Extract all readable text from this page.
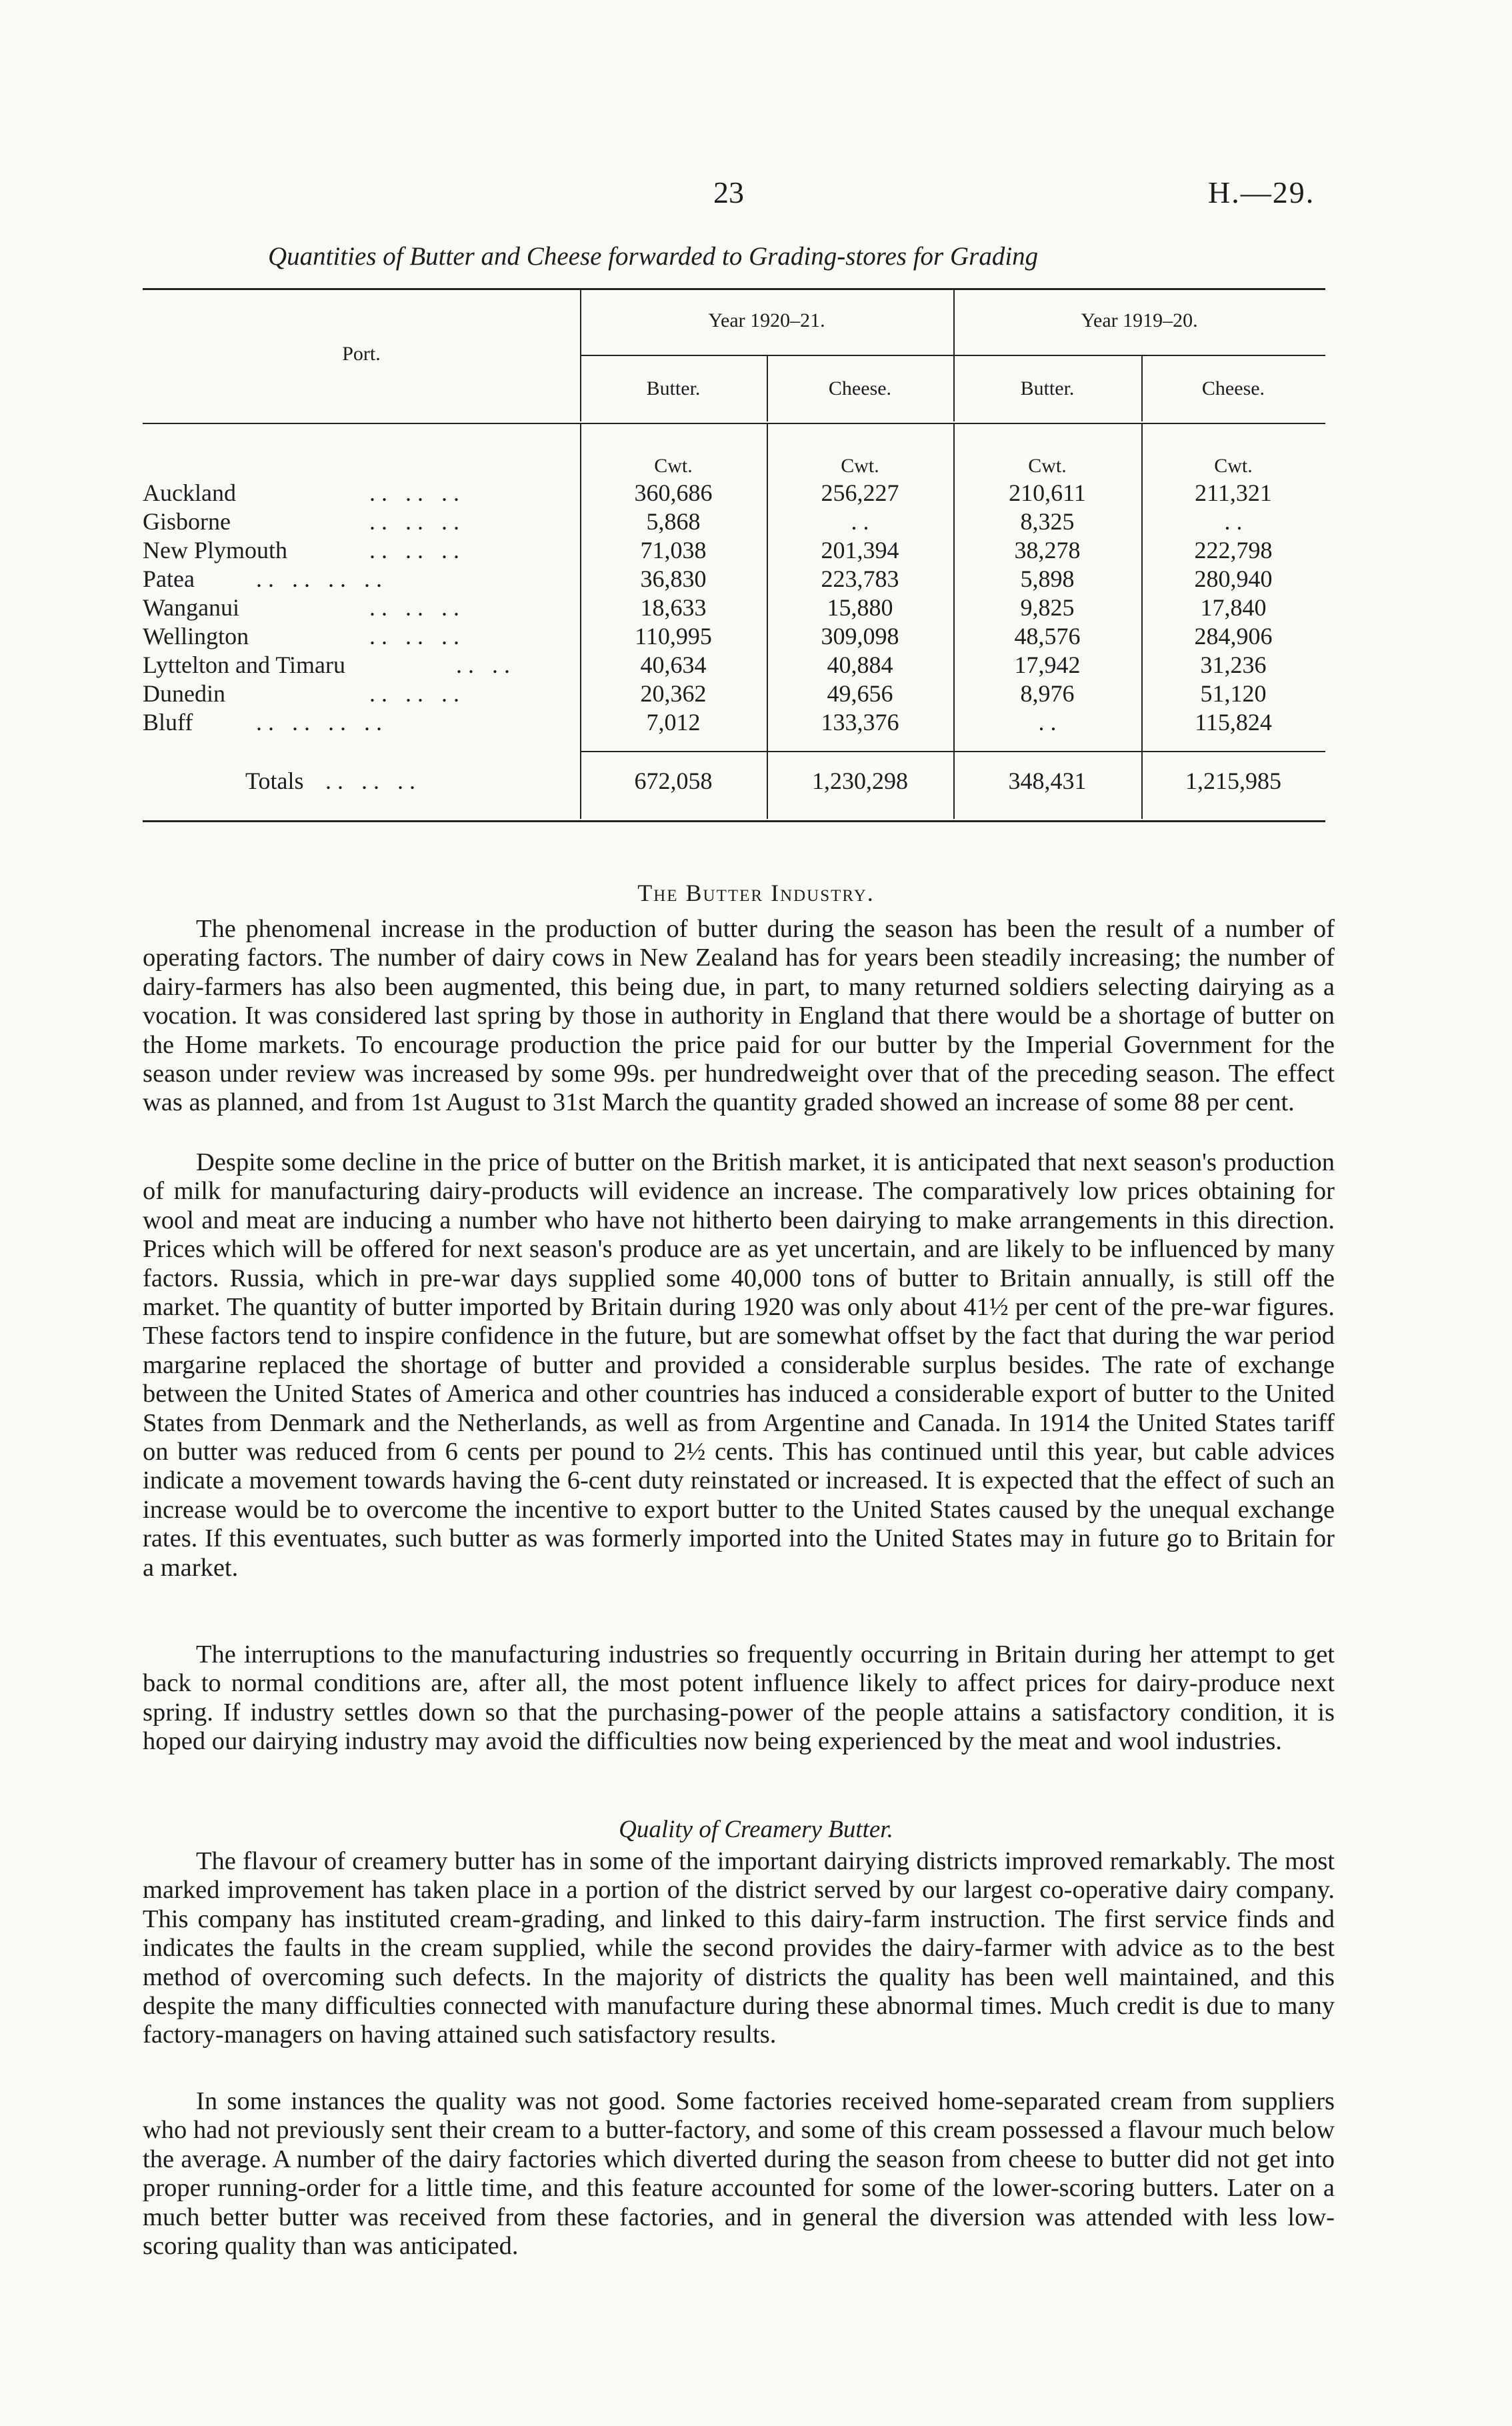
23	H.—29.
Quantities of Butter and Cheese forwarded to Grading-stores for Grading
Port.
Year 1920–21.	Year 1919–20.
Butter.	Cheese.	Butter.	Cheese.
Cwt.	Cwt.	Cwt.	Cwt.
Auckland	. .   . .   . .	360,686	256,227	210,611	211,321
Gisborne	. .   . .   . .	5,868	. .	8,325	. .
New Plymouth	. .   . .   . .	71,038	201,394	38,278	222,798
Patea	. .   . .   . .   . .	36,830	223,783	5,898	280,940
Wanganui	. .   . .   . .	18,633	15,880	9,825	17,840
Wellington	. .   . .   . .	110,995	309,098	48,576	284,906
Lyttelton and Timaru	. .   . .	40,634	40,884	17,942	31,236
Dunedin	. .   . .   . .	20,362	49,656	8,976	51,120
Bluff	. .   . .   . .   . .	7,012	133,376	. .	115,824
Totals . .   . .   . .	672,058	1,230,298	348,431	1,215,985
The Butter Industry.

The phenomenal increase in the production of butter during the season has been the result of a number of operating factors. The number of dairy cows in New Zealand has for years been steadily increasing; the number of dairy-farmers has also been augmented, this being due, in part, to many returned soldiers selecting dairying as a vocation. It was considered last spring by those in authority in England that there would be a shortage of butter on the Home markets. To encourage production the price paid for our butter by the Imperial Government for the season under review was increased by some 99s. per hundredweight over that of the preceding season. The effect was as planned, and from 1st August to 31st March the quantity graded showed an increase of some 88 per cent.

Despite some decline in the price of butter on the British market, it is anticipated that next season's production of milk for manufacturing dairy-products will evidence an increase. The comparatively low prices obtaining for wool and meat are inducing a number who have not hitherto been dairying to make arrangements in this direction. Prices which will be offered for next season's produce are as yet uncertain, and are likely to be influenced by many factors. Russia, which in pre-war days supplied some 40,000 tons of butter to Britain annually, is still off the market. The quantity of butter imported by Britain during 1920 was only about 41½ per cent of the pre-war figures. These factors tend to inspire confidence in the future, but are somewhat offset by the fact that during the war period margarine replaced the shortage of butter and provided a considerable surplus besides. The rate of exchange between the United States of America and other countries has induced a considerable export of butter to the United States from Denmark and the Netherlands, as well as from Argentine and Canada. In 1914 the United States tariff on butter was reduced from 6 cents per pound to 2½ cents. This has continued until this year, but cable advices indicate a movement towards having the 6-cent duty reinstated or increased. It is expected that the effect of such an increase would be to overcome the incentive to export butter to the United States caused by the unequal exchange rates. If this eventuates, such butter as was formerly imported into the United States may in future go to Britain for a market.

The interruptions to the manufacturing industries so frequently occurring in Britain during her attempt to get back to normal conditions are, after all, the most potent influence likely to affect prices for dairy-produce next spring. If industry settles down so that the purchasing-power of the people attains a satisfactory condition, it is hoped our dairying industry may avoid the difficulties now being experienced by the meat and wool industries.

Quality of Creamery Butter.

The flavour of creamery butter has in some of the important dairying districts improved remarkably. The most marked improvement has taken place in a portion of the district served by our largest co-operative dairy company. This company has instituted cream-grading, and linked to this dairy-farm instruction. The first service finds and indicates the faults in the cream supplied, while the second provides the dairy-farmer with advice as to the best method of overcoming such defects. In the majority of districts the quality has been well maintained, and this despite the many difficulties connected with manufacture during these abnormal times. Much credit is due to many factory-managers on having attained such satisfactory results.

In some instances the quality was not good. Some factories received home-separated cream from suppliers who had not previously sent their cream to a butter-factory, and some of this cream possessed a flavour much below the average. A number of the dairy factories which diverted during the season from cheese to butter did not get into proper running-order for a little time, and this feature accounted for some of the lower-scoring butters. Later on a much better butter was received from these factories, and in general the diversion was attended with less low-scoring quality than was anticipated.
